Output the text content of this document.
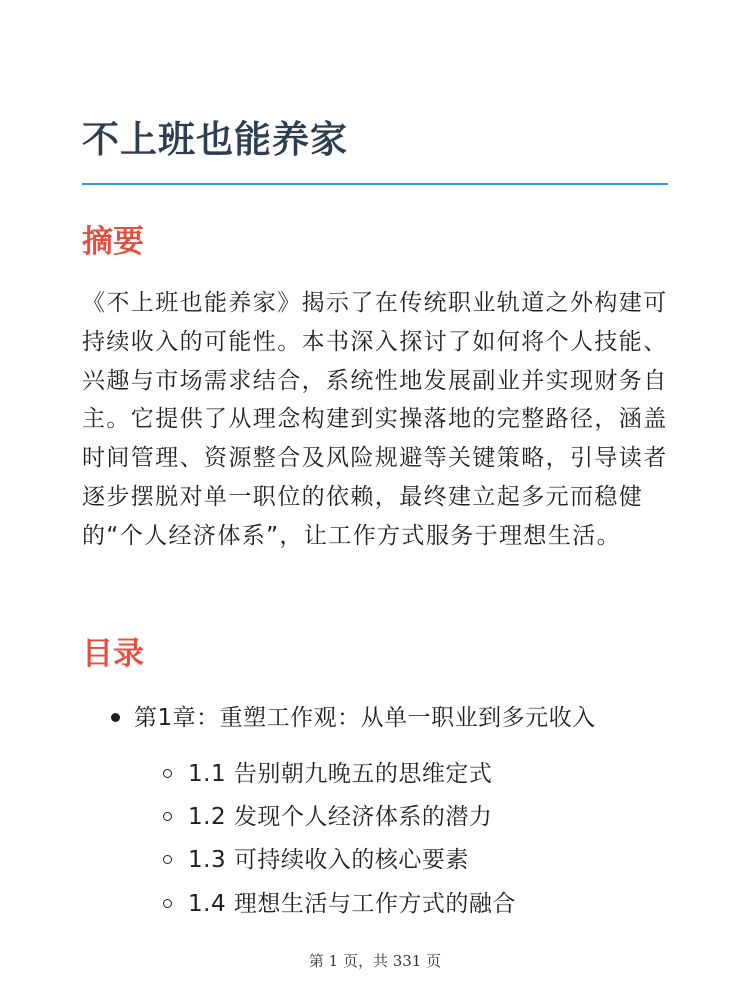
不上班也能养家
摘要

《不上班也能养家》揭示了在传统职业轨道之外构建可持续收入的可能性。本书深入探讨了如何将个人技能、兴趣与市场需求结合，系统性地发展副业并实现财务自主。它提供了从理念构建到实操落地的完整路径，涵盖时间管理、资源整合及风险规避等关键策略，引导读者逐步摆脱对单一职位的依赖，最终建立起多元而稳健的“个人经济体系”，让工作方式服务于理想生活。

目录
第1章：重塑工作观：从单一职业到多元收入
1.1 告别朝九晚五的思维定式
1.2 发现个人经济体系的潜力
1.3 可持续收入的核心要素
1.4 理想生活与工作方式的融合
第 1 页，共 331 页
